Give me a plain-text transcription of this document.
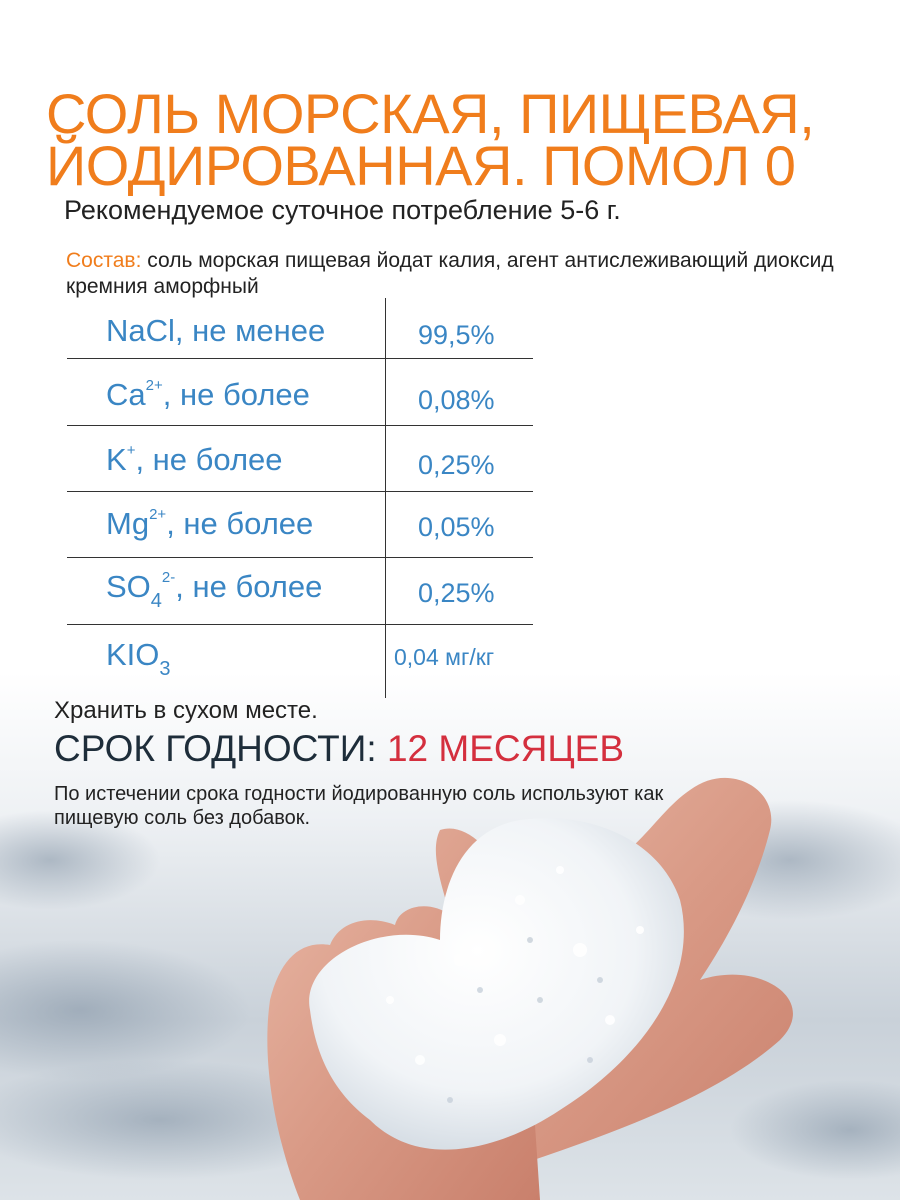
СОЛЬ МОРСКАЯ, ПИЩЕВАЯ,
ЙОДИРОВАННАЯ. ПОМОЛ 0
Рекомендуемое суточное потребление 5-6 г.
Состав: соль морская пищевая йодат калия, агент антислеживающий диоксид кремния аморфный
NaCl, не менее	99,5%
$Ca^{2+}$, не более	0,08%
K+, не более	0,25%
$Mg^{2+}$, не более	0,05%
$SO_4^{2-}$, не более	0,25%
$KIO_3$	0,04 мг/кг
Хранить в сухом месте.
СРОК ГОДНОСТИ: 12 МЕСЯЦЕВ
По истечении срока годности йодированную соль используют как пищевую соль без добавок.
